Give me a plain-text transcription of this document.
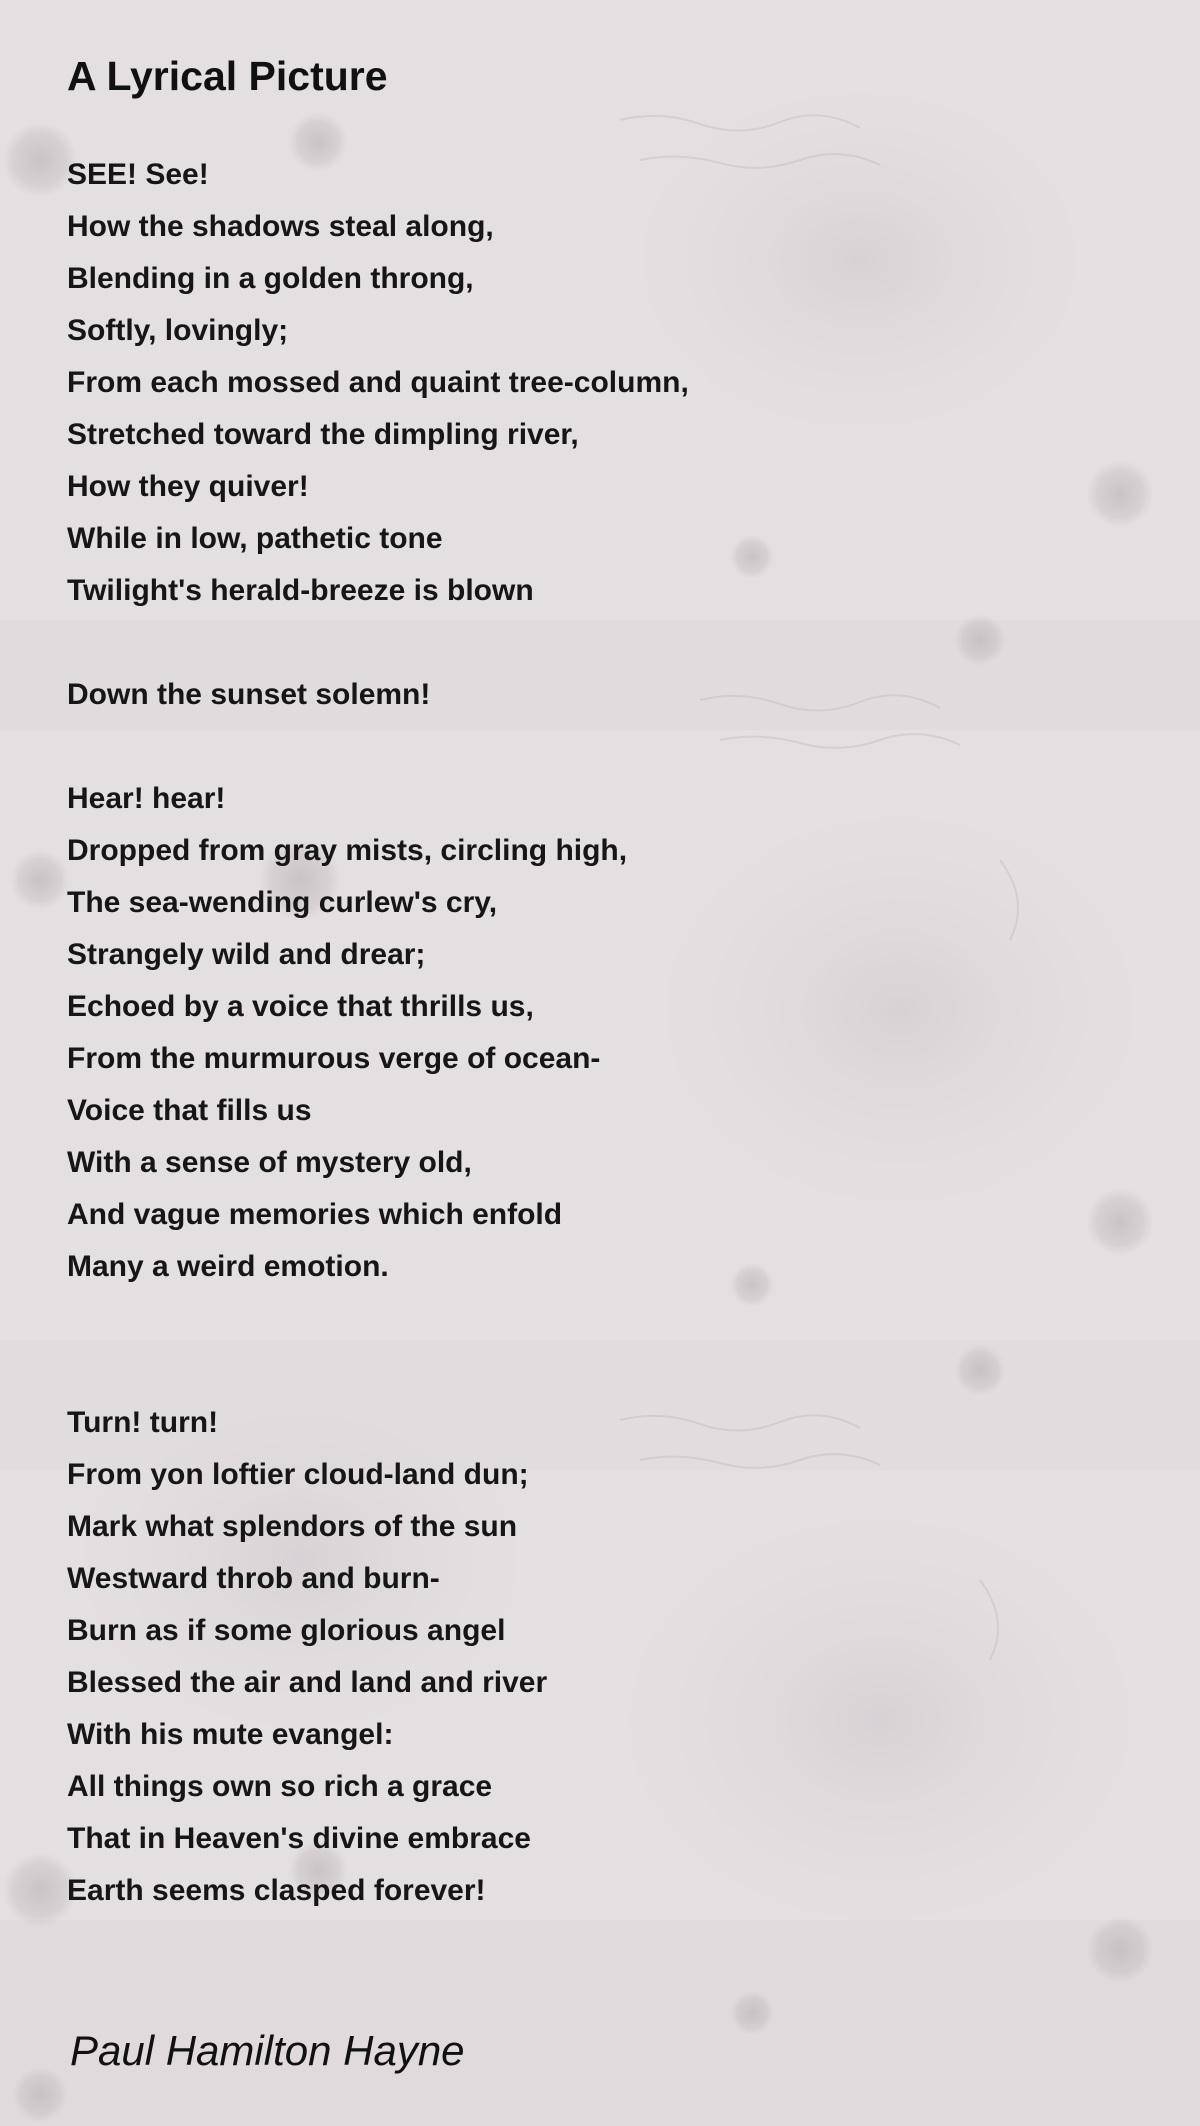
A Lyrical Picture
SEE! See!
How the shadows steal along,
Blending in a golden throng,
Softly, lovingly;
From each mossed and quaint tree-column,
Stretched toward the dimpling river,
How they quiver!
While in low, pathetic tone
Twilight's herald-breeze is blown
Down the sunset solemn!
Hear! hear!
Dropped from gray mists, circling high,
The sea-wending curlew's cry,
Strangely wild and drear;
Echoed by a voice that thrills us,
From the murmurous verge of ocean-
Voice that fills us
With a sense of mystery old,
And vague memories which enfold
Many a weird emotion.
Turn! turn!
From yon loftier cloud-land dun;
Mark what splendors of the sun
Westward throb and burn-
Burn as if some glorious angel
Blessed the air and land and river
With his mute evangel:
All things own so rich a grace
That in Heaven's divine embrace
Earth seems clasped forever!

Paul Hamilton Hayne
